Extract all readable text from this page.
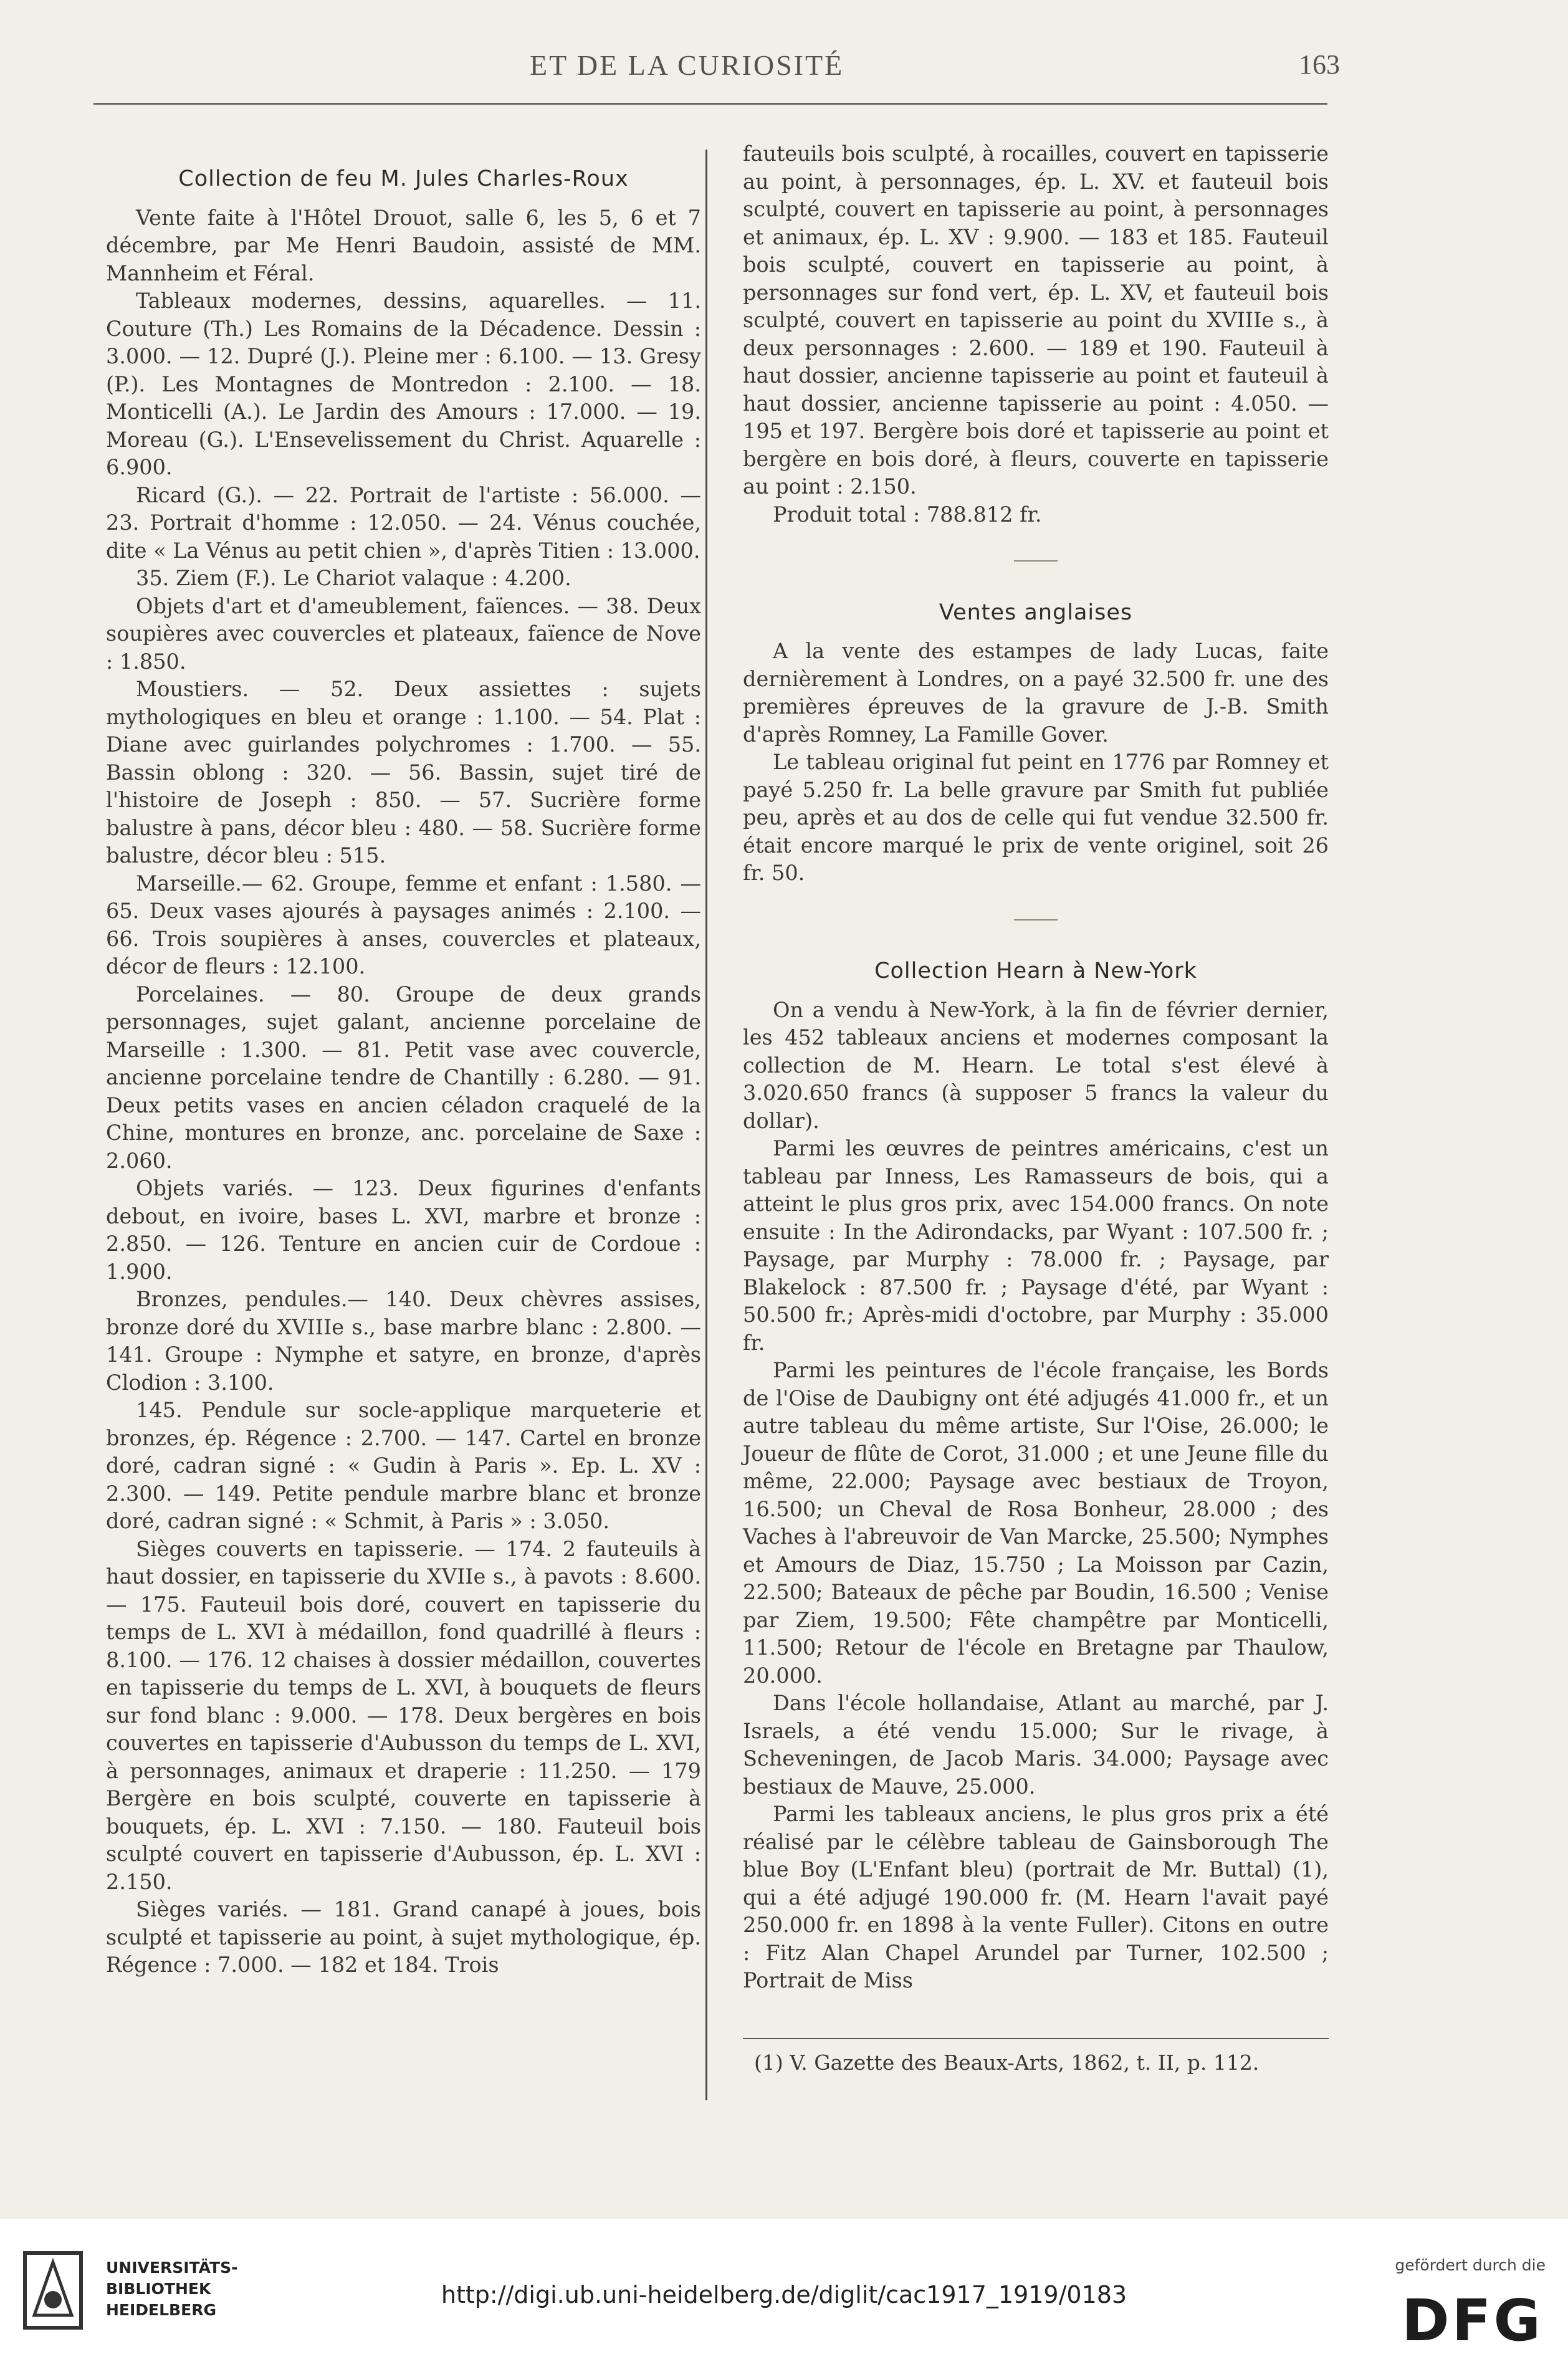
ET DE LA CURIOSITÉ	163
Collection de feu M. Jules Charles-Roux

Vente faite à l'Hôtel Drouot, salle 6, les 5, 6 et 7 décembre, par Me Henri Baudoin, assisté de MM. Mannheim et Féral.

Tableaux modernes, dessins, aquarelles. — 11. Couture (Th.) Les Romains de la Décadence. Dessin : 3.000. — 12. Dupré (J.). Pleine mer : 6.100. — 13. Gresy (P.). Les Montagnes de Montredon : 2.100. — 18. Monticelli (A.). Le Jardin des Amours : 17.000. — 19. Moreau (G.). L'Ensevelissement du Christ. Aquarelle : 6.900.

Ricard (G.). — 22. Portrait de l'artiste : 56.000. — 23. Portrait d'homme : 12.050. — 24. Vénus couchée, dite « La Vénus au petit chien », d'après Titien : 13.000.

35. Ziem (F.). Le Chariot valaque : 4.200.

Objets d'art et d'ameublement, faïences. — 38. Deux soupières avec couvercles et plateaux, faïence de Nove : 1.850.

Moustiers. — 52. Deux assiettes : sujets mythologiques en bleu et orange : 1.100. — 54. Plat : Diane avec guirlandes polychromes : 1.700. — 55. Bassin oblong : 320. — 56. Bassin, sujet tiré de l'histoire de Joseph : 850. — 57. Sucrière forme balustre à pans, décor bleu : 480. — 58. Sucrière forme balustre, décor bleu : 515.

Marseille.— 62. Groupe, femme et enfant : 1.580. — 65. Deux vases ajourés à paysages animés : 2.100. — 66. Trois soupières à anses, couvercles et plateaux, décor de fleurs : 12.100.

Porcelaines. — 80. Groupe de deux grands personnages, sujet galant, ancienne porcelaine de Marseille : 1.300. — 81. Petit vase avec couvercle, ancienne porcelaine tendre de Chantilly : 6.280. — 91. Deux petits vases en ancien céladon craquelé de la Chine, montures en bronze, anc. porcelaine de Saxe : 2.060.

Objets variés. — 123. Deux figurines d'enfants debout, en ivoire, bases L. XVI, marbre et bronze : 2.850. — 126. Tenture en ancien cuir de Cordoue : 1.900.

Bronzes, pendules.— 140. Deux chèvres assises, bronze doré du XVIIIe s., base marbre blanc : 2.800. — 141. Groupe : Nymphe et satyre, en bronze, d'après Clodion : 3.100.

145. Pendule sur socle-applique marqueterie et bronzes, ép. Régence : 2.700. — 147. Cartel en bronze doré, cadran signé : « Gudin à Paris ». Ep. L. XV : 2.300. — 149. Petite pendule marbre blanc et bronze doré, cadran signé : « Schmit, à Paris » : 3.050.

Sièges couverts en tapisserie. — 174. 2 fauteuils à haut dossier, en tapisserie du XVIIe s., à pavots : 8.600. — 175. Fauteuil bois doré, couvert en tapisserie du temps de L. XVI à médaillon, fond quadrillé à fleurs : 8.100. — 176. 12 chaises à dossier médaillon, couvertes en tapisserie du temps de L. XVI, à bouquets de fleurs sur fond blanc : 9.000. — 178. Deux bergères en bois couvertes en tapisserie d'Aubusson du temps de L. XVI, à personnages, animaux et draperie : 11.250. — 179 Bergère en bois sculpté, couverte en tapisserie à bouquets, ép. L. XVI : 7.150. — 180. Fauteuil bois sculpté couvert en tapisserie d'Aubusson, ép. L. XVI : 2.150.

Sièges variés. — 181. Grand canapé à joues, bois sculpté et tapisserie au point, à sujet mythologique, ép. Régence : 7.000. — 182 et 184. Trois

fauteuils bois sculpté, à rocailles, couvert en tapisserie au point, à personnages, ép. L. XV. et fauteuil bois sculpté, couvert en tapisserie au point, à personnages et animaux, ép. L. XV : 9.900. — 183 et 185. Fauteuil bois sculpté, couvert en tapisserie au point, à personnages sur fond vert, ép. L. XV, et fauteuil bois sculpté, couvert en tapisserie au point du XVIIIe s., à deux personnages : 2.600. — 189 et 190. Fauteuil à haut dossier, ancienne tapisserie au point et fauteuil à haut dossier, ancienne tapisserie au point : 4.050. — 195 et 197. Bergère bois doré et tapisserie au point et bergère en bois doré, à fleurs, couverte en tapisserie au point : 2.150.

Produit total : 788.812 fr.

Ventes anglaises

A la vente des estampes de lady Lucas, faite dernièrement à Londres, on a payé 32.500 fr. une des premières épreuves de la gravure de J.-B. Smith d'après Romney, La Famille Gover.

Le tableau original fut peint en 1776 par Romney et payé 5.250 fr. La belle gravure par Smith fut publiée peu, après et au dos de celle qui fut vendue 32.500 fr. était encore marqué le prix de vente originel, soit 26 fr. 50.

Collection Hearn à New-York

On a vendu à New-York, à la fin de février dernier, les 452 tableaux anciens et modernes composant la collection de M. Hearn. Le total s'est élevé à 3.020.650 francs (à supposer 5 francs la valeur du dollar).

Parmi les œuvres de peintres américains, c'est un tableau par Inness, Les Ramasseurs de bois, qui a atteint le plus gros prix, avec 154.000 francs. On note ensuite : In the Adirondacks, par Wyant : 107.500 fr. ; Paysage, par Murphy : 78.000 fr. ; Paysage, par Blakelock : 87.500 fr. ; Paysage d'été, par Wyant : 50.500 fr.; Après-midi d'octobre, par Murphy : 35.000 fr.

Parmi les peintures de l'école française, les Bords de l'Oise de Daubigny ont été adjugés 41.000 fr., et un autre tableau du même artiste, Sur l'Oise, 26.000; le Joueur de flûte de Corot, 31.000 ; et une Jeune fille du même, 22.000; Paysage avec bestiaux de Troyon, 16.500; un Cheval de Rosa Bonheur, 28.000 ; des Vaches à l'abreuvoir de Van Marcke, 25.500; Nymphes et Amours de Diaz, 15.750 ; La Moisson par Cazin, 22.500; Bateaux de pêche par Boudin, 16.500 ; Venise par Ziem, 19.500; Fête champêtre par Monticelli, 11.500; Retour de l'école en Bretagne par Thaulow, 20.000.

Dans l'école hollandaise, Atlant au marché, par J. Israels, a été vendu 15.000; Sur le rivage, à Scheveningen, de Jacob Maris. 34.000; Paysage avec bestiaux de Mauve, 25.000.

Parmi les tableaux anciens, le plus gros prix a été réalisé par le célèbre tableau de Gainsborough The blue Boy (L'Enfant bleu) (portrait de Mr. Buttal) (1), qui a été adjugé 190.000 fr. (M. Hearn l'avait payé 250.000 fr. en 1898 à la vente Fuller). Citons en outre : Fitz Alan Chapel Arundel par Turner, 102.500 ; Portrait de Miss

(1) V. Gazette des Beaux-Arts, 1862, t. II, p. 112.
UNIVERSITÄTS-
BIBLIOTHEK
HEIDELBERG
http://digi.ub.uni-heidelberg.de/diglit/cac1917_1919/0183
gefördert durch die
DFG
